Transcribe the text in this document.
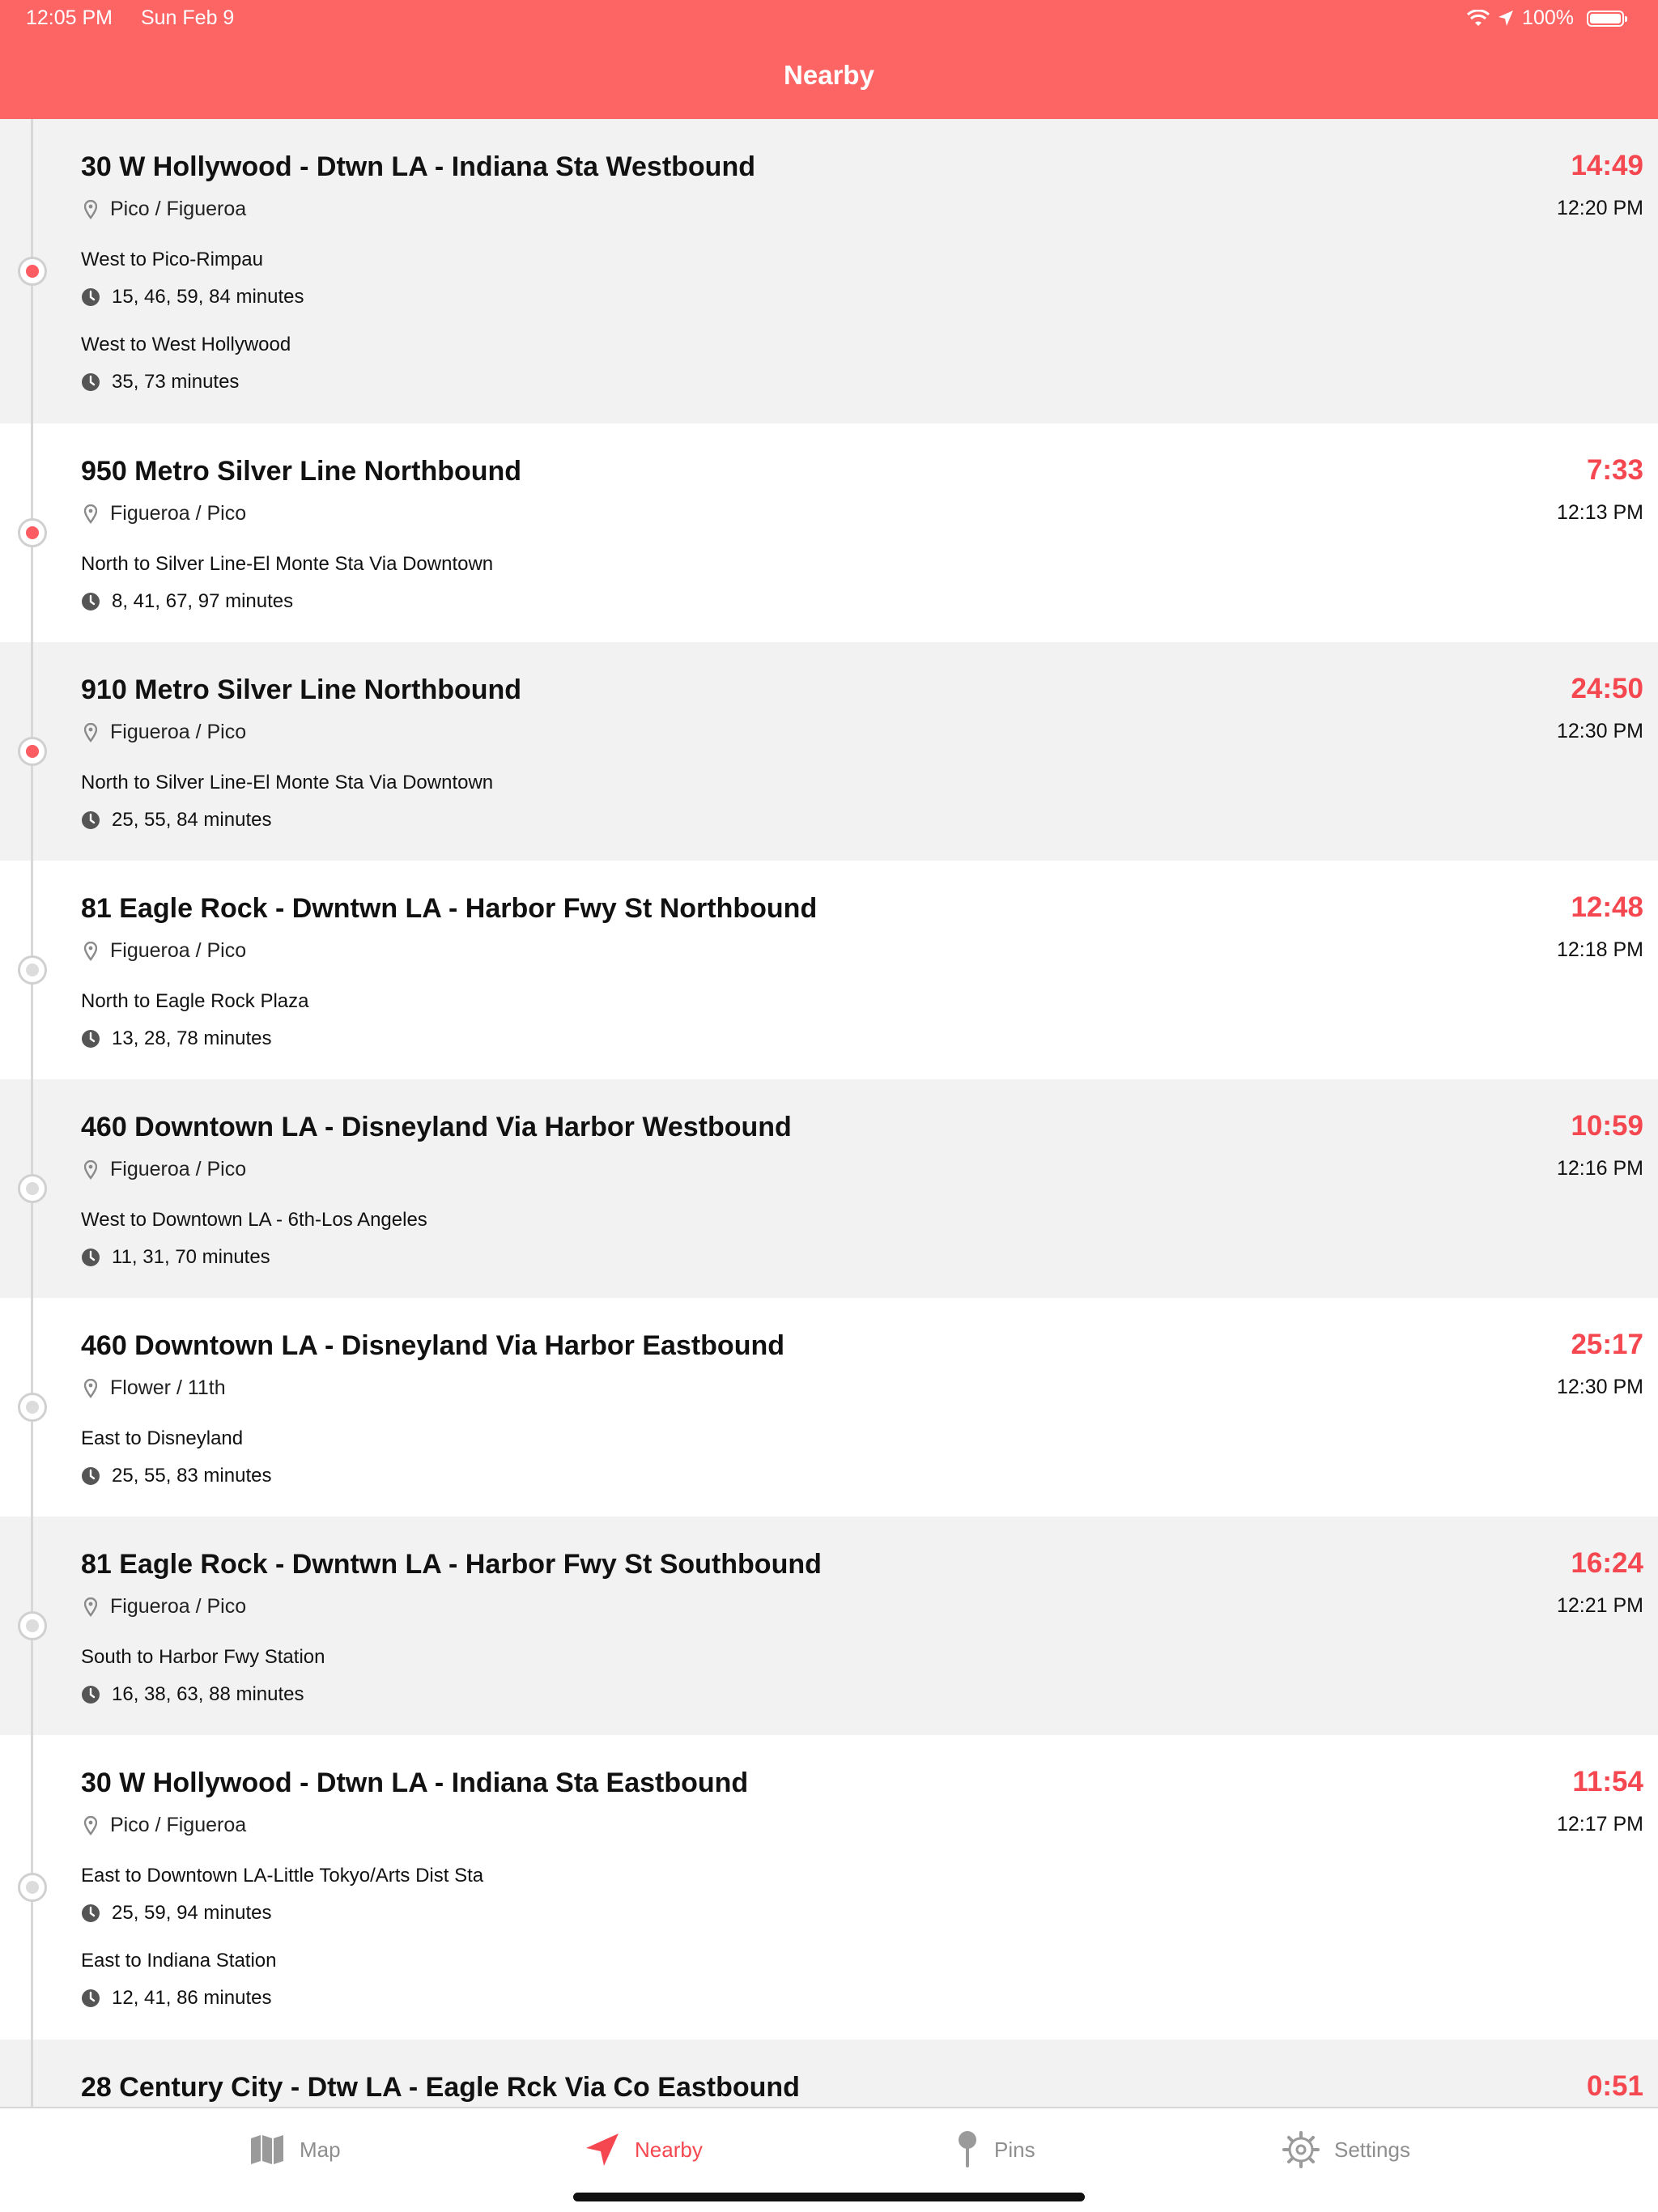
12:05 PM Sun Feb 9	100%
Nearby
30 W Hollywood - Dtwn LA - Indiana Sta Westbound	14:49
12:20 PM
Pico / Figueroa
West to Pico-Rimpau
15, 46, 59, 84 minutes
West to West Hollywood
35, 73 minutes
950 Metro Silver Line Northbound	7:33
12:13 PM
Figueroa / Pico
North to Silver Line-El Monte Sta Via Downtown
8, 41, 67, 97 minutes
910 Metro Silver Line Northbound	24:50
12:30 PM
Figueroa / Pico
North to Silver Line-El Monte Sta Via Downtown
25, 55, 84 minutes
81 Eagle Rock - Dwntwn LA - Harbor Fwy St Northbound	12:48
12:18 PM
Figueroa / Pico
North to Eagle Rock Plaza
13, 28, 78 minutes
460 Downtown LA - Disneyland Via Harbor Westbound	10:59
12:16 PM
Figueroa / Pico
West to Downtown LA - 6th-Los Angeles
11, 31, 70 minutes
460 Downtown LA - Disneyland Via Harbor Eastbound	25:17
12:30 PM
Flower / 11th
East to Disneyland
25, 55, 83 minutes
81 Eagle Rock - Dwntwn LA - Harbor Fwy St Southbound	16:24
12:21 PM
Figueroa / Pico
South to Harbor Fwy Station
16, 38, 63, 88 minutes
30 W Hollywood - Dtwn LA - Indiana Sta Eastbound	11:54
12:17 PM
Pico / Figueroa
East to Downtown LA-Little Tokyo/Arts Dist Sta
25, 59, 94 minutes
East to Indiana Station
12, 41, 86 minutes
28 Century City - Dtw LA - Eagle Rck Via Co Eastbound	0:51
Map	Nearby	Pins	Settings
